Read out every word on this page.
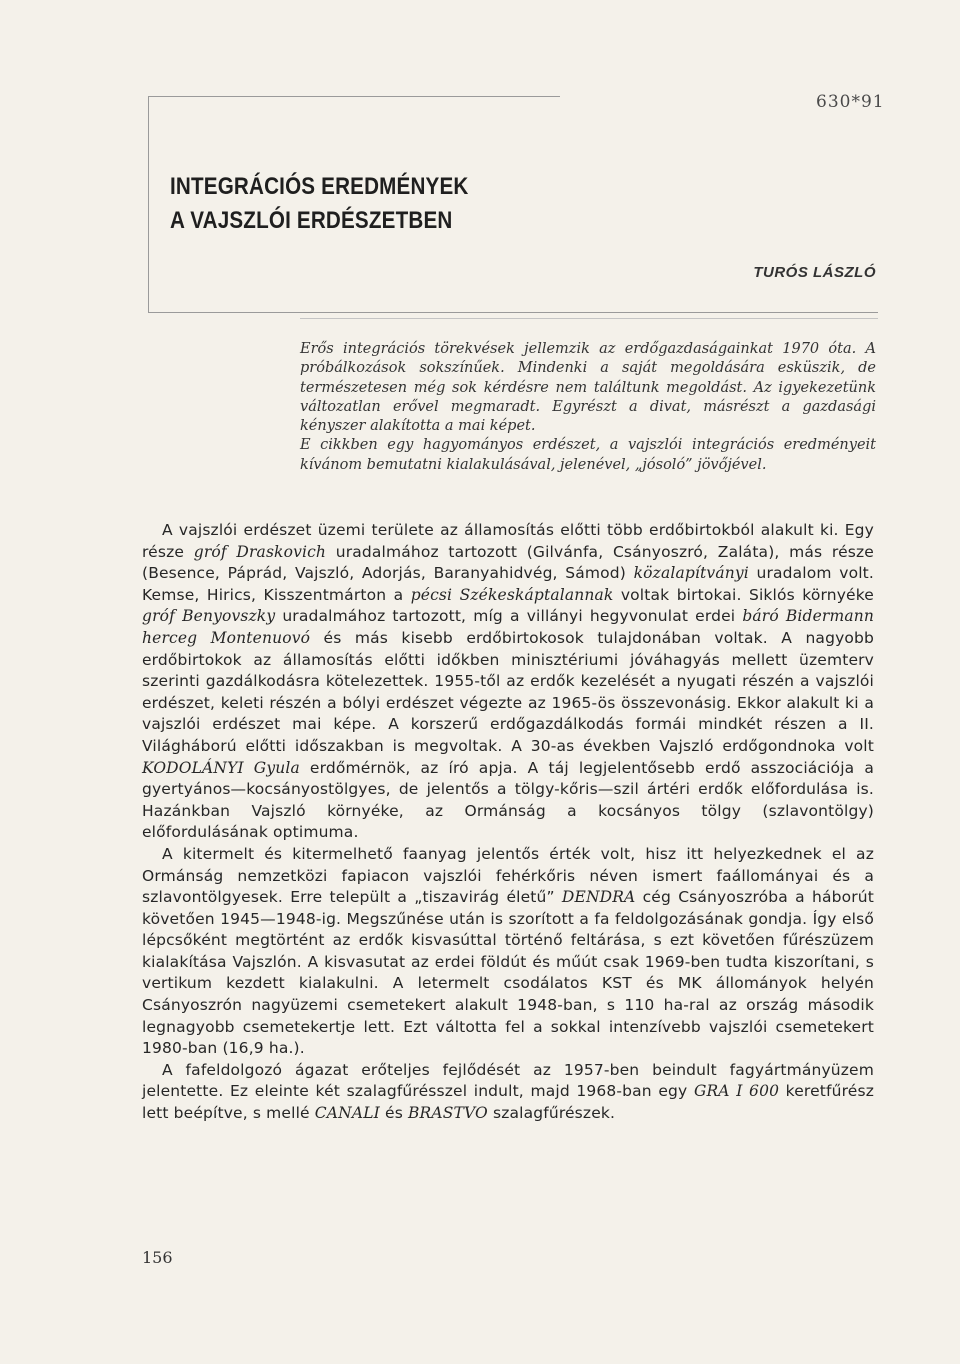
630*91
INTEGRÁCIÓS EREDMÉNYEK
A VAJSZLÓI ERDÉSZETBEN
TURÓS LÁSZLÓ

Erős integrációs törekvések jellemzik az erdőgazdaságainkat 1970 óta. A próbálkozások sokszínűek. Mindenki a saját megoldására esküszik, de természetesen még sok kérdésre nem találtunk megoldást. Az igyekezetünk változatlan erővel megmaradt. Egyrészt a divat, másrészt a gazdasági kényszer alakította a mai képet.

E cikkben egy hagyományos erdészet, a vajszlói integrációs eredményeit kívánom bemutatni kialakulásával, jelenével, „jósoló” jövőjével.

A vajszlói erdészet üzemi területe az államosítás előtti több erdőbirtokból alakult ki. Egy része gróf Draskovich uradalmához tartozott (Gilvánfa, Csányoszró, Zaláta), más része (Besence, Páprád, Vajszló, Adorjás, Baranyahidvég, Sámod) közalapítványi uradalom volt. Kemse, Hirics, Kisszentmárton a pécsi Székeskáptalannak voltak birtokai. Siklós környéke gróf Benyovszky uradalmához tartozott, míg a villányi hegyvonulat erdei báró Bidermann herceg Montenuovó és más kisebb erdőbirtokosok tulajdonában voltak. A nagyobb erdőbirtokok az államosítás előtti időkben minisztériumi jóváhagyás mellett üzemterv szerinti gazdálkodásra kötelezettek. 1955-től az erdők kezelését a nyugati részén a vajszlói erdészet, keleti részén a bólyi erdészet végezte az 1965-ös összevonásig. Ekkor alakult ki a vajszlói erdészet mai képe. A korszerű erdőgazdálkodás formái mindkét részen a II. Világháború előtti időszakban is megvoltak. A 30-as években Vajszló erdőgondnoka volt KODOLÁNYI Gyula erdőmérnök, az író apja. A táj legjelentősebb erdő asszociációja a gyertyános—kocsányostölgyes, de jelentős a tölgy-kőris—szil ártéri erdők előfordulása is. Hazánkban Vajszló környéke, az Ormánság a kocsányos tölgy (szlavontölgy) előfordulásának optimuma.

A kitermelt és kitermelhető faanyag jelentős érték volt, hisz itt helyezkednek el az Ormánság nemzetközi fapiacon vajszlói fehérkőris néven ismert faállományai és a szlavontölgyesek. Erre települt a „tiszavirág életű” DENDRA cég Csányoszróba a háborút követően 1945—1948-ig. Megszűnése után is szorított a fa feldolgozásának gondja. Így első lépcsőként megtörtént az erdők kisvasúttal történő feltárása, s ezt követően fűrészüzem kialakítása Vajszlón. A kisvasutat az erdei földút és műút csak 1969-ben tudta kiszorítani, s vertikum kezdett kialakulni. A letermelt csodálatos KST és MK állományok helyén Csányoszrón nagyüzemi csemetekert alakult 1948-ban, s 110 ha-ral az ország második legnagyobb csemetekertje lett. Ezt váltotta fel a sokkal intenzívebb vajszlói csemetekert 1980-ban (16,9 ha.).

A fafeldolgozó ágazat erőteljes fejlődését az 1957-ben beindult fagyártmányüzem jelentette. Ez eleinte két szalagfűrésszel indult, majd 1968-ban egy GRA I 600 keretfűrész lett beépítve, s mellé CANALI és BRASTVO szalagfűrészek.

156
